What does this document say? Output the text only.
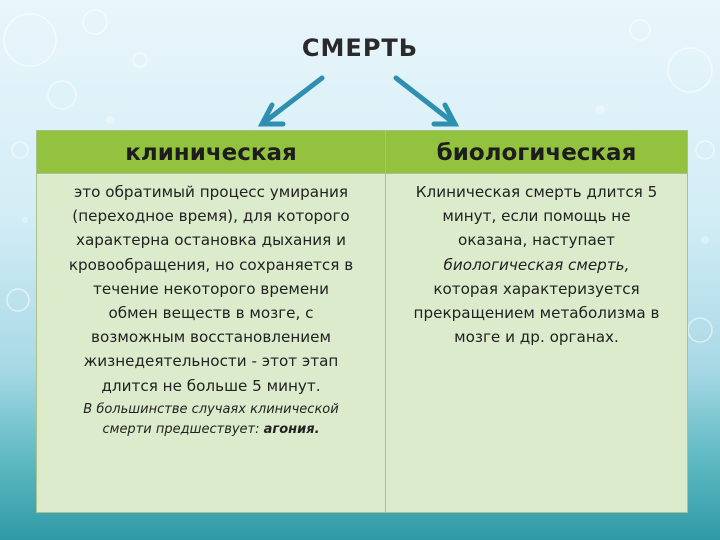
СМЕРТЬ
клиническая
это обратимый процесс умирания
(переходное время), для которого
характерна остановка дыхания и
кровообращения, но сохраняется в
течение некоторого времени
обмен веществ в мозге, с
возможным восстановлением
жизнедеятельности - этот этап
длится не больше 5 минут.
В большинстве случаях клинической
смерти предшествует: агония.
биологическая
Клиническая смерть длится 5
минут, если помощь не
оказана, наступает
биологическая смерть,
которая характеризуется
прекращением метаболизма в
мозге и др. органах.
